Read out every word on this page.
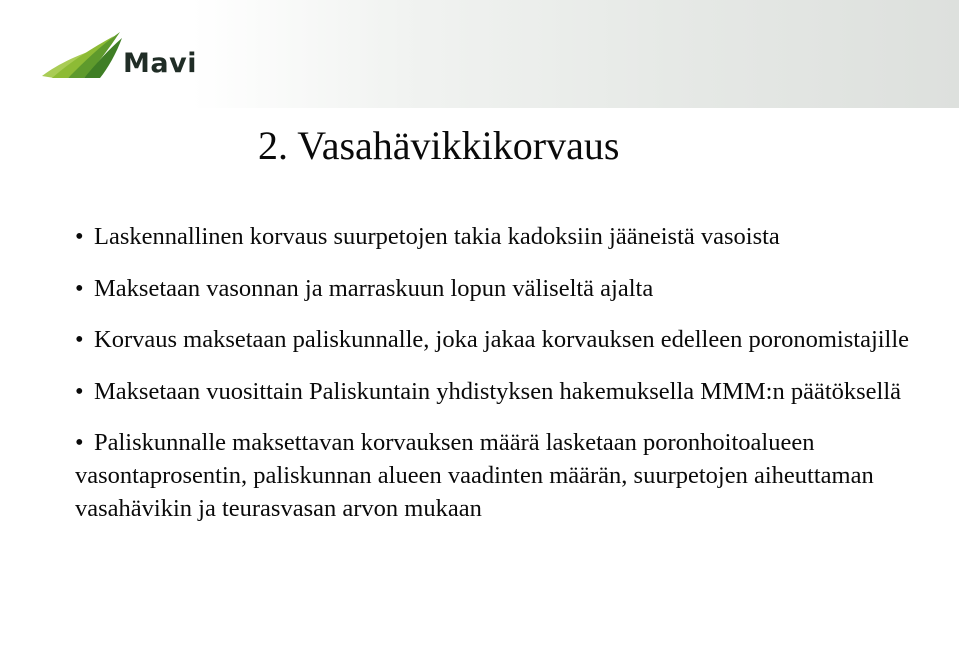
Mavi
2. Vasahävikkikorvaus
• Laskennallinen korvaus suurpetojen takia kadoksiin jääneistä vasoista
• Maksetaan vasonnan ja marraskuun lopun väliseltä ajalta
• Korvaus maksetaan paliskunnalle, joka jakaa korvauksen edelleen poronomistajille
• Maksetaan vuosittain Paliskuntain yhdistyksen hakemuksella MMM:n päätöksellä
• Paliskunnalle maksettavan korvauksen määrä lasketaan poronhoitoalueen vasontaprosentin, paliskunnan alueen vaadinten määrän, suurpetojen aiheuttaman vasahävikin ja teurasvasan arvon mukaan
